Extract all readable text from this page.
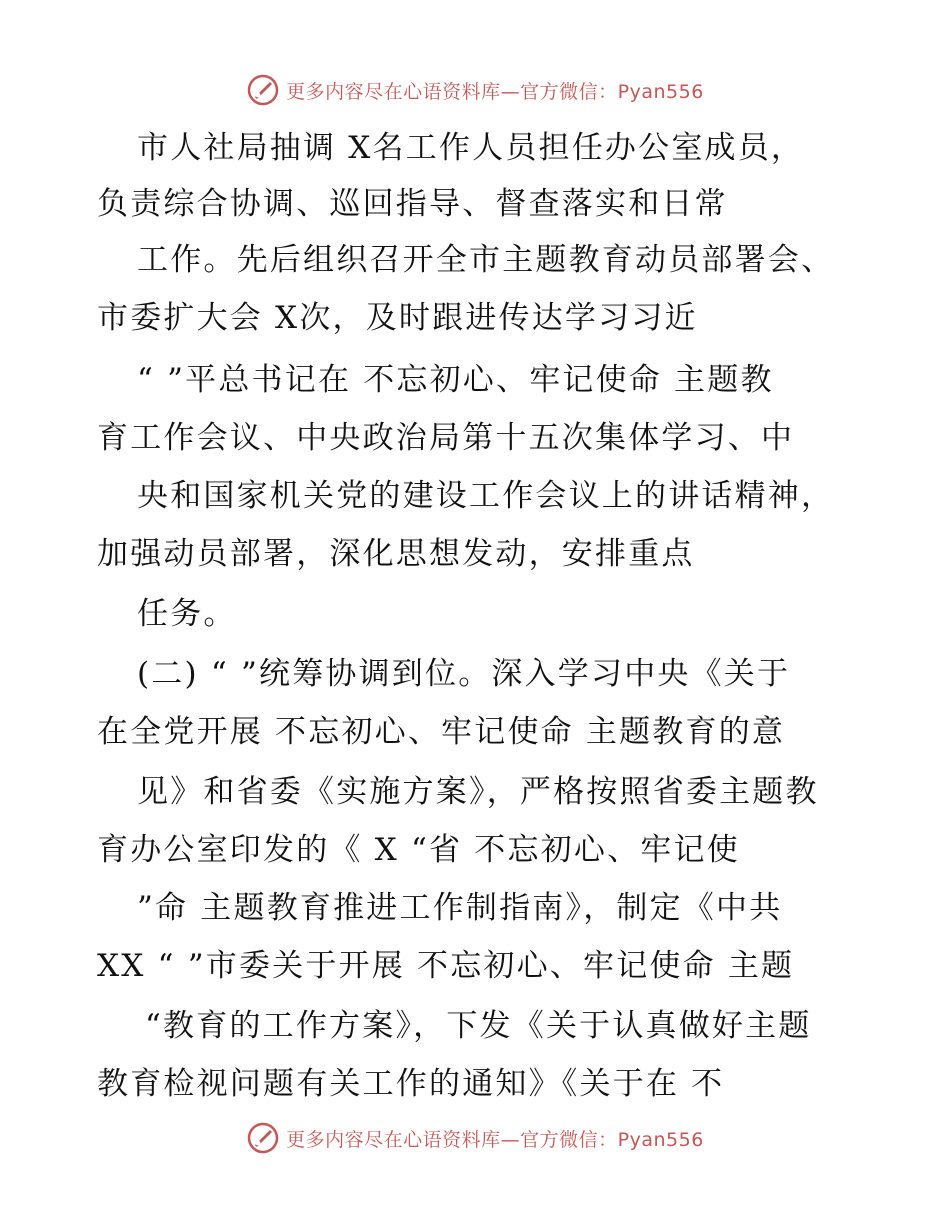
更多内容尽在心语资料库—官方微信：Pyan556
市人社局抽调 X名工作人员担任办公室成员，
负责综合协调、巡回指导、督查落实和日常
工作。先后组织召开全市主题教育动员部署会、
市委扩大会 X次，及时跟进传达学习习近
“ ”平总书记在 不忘初心、牢记使命 主题教
育工作会议、中央政治局第十五次集体学习、中
央和国家机关党的建设工作会议上的讲话精神，
加强动员部署，深化思想发动，安排重点
任务。
(二) “ ”统筹协调到位。深入学习中央《关于
在全党开展 不忘初心、牢记使命 主题教育的意
见》和省委《实施方案》，严格按照省委主题教
育办公室印发的《 X “省 不忘初心、牢记使
”命 主题教育推进工作制指南》，制定《中共
XX “ ”市委关于开展 不忘初心、牢记使命 主题
“教育的工作方案》，下发《关于认真做好主题
教育检视问题有关工作的通知》《关于在 不
更多内容尽在心语资料库—官方微信：Pyan556
